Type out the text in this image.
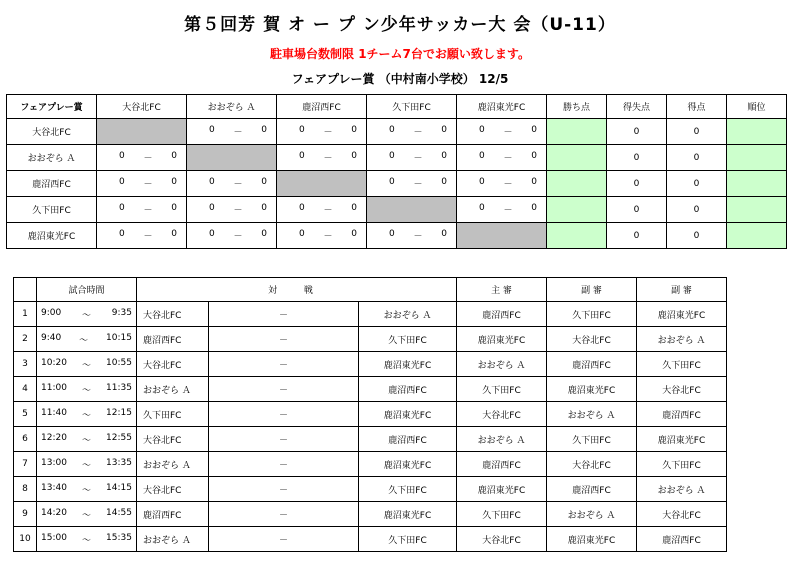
第５回芳 賀 オ ー プ ン少年サッカー大 会（U-11）
駐車場台数制限 1チーム7台でお願い致します。
フェアプレー賞 （中村南小学校） 12/5
フェアプレー賞	大谷北FC	おおぞら Ａ	鹿沼西FC	久下田FC	鹿沼東光FC	勝ち点	得失点	得点	順位
大谷北FC		0 － 0	0 － 0	0 － 0	0 － 0		0	0	
おおぞら Ａ	0 － 0		0 － 0	0 － 0	0 － 0		0	0	
鹿沼西FC	0 － 0	0 － 0		0 － 0	0 － 0		0	0	
久下田FC	0 － 0	0 － 0	0 － 0		0 － 0		0	0	
鹿沼東光FC	0 － 0	0 － 0	0 － 0	0 － 0			0	0	
	試合時間	対 戦			主 審	副 審	副 審
1	9:00 ～ 9:35	大谷北FC	－	おおぞら Ａ	鹿沼西FC	久下田FC	鹿沼東光FC
2	9:40 ～ 10:15	鹿沼西FC	－	久下田FC	鹿沼東光FC	大谷北FC	おおぞら Ａ
3	10:20 ～ 10:55	大谷北FC	－	鹿沼東光FC	おおぞら Ａ	鹿沼西FC	久下田FC
4	11:00 ～ 11:35	おおぞら Ａ	－	鹿沼西FC	久下田FC	鹿沼東光FC	大谷北FC
5	11:40 ～ 12:15	久下田FC	－	鹿沼東光FC	大谷北FC	おおぞら Ａ	鹿沼西FC
6	12:20 ～ 12:55	大谷北FC	－	鹿沼西FC	おおぞら Ａ	久下田FC	鹿沼東光FC
7	13:00 ～ 13:35	おおぞら Ａ	－	鹿沼東光FC	鹿沼西FC	大谷北FC	久下田FC
8	13:40 ～ 14:15	大谷北FC	－	久下田FC	鹿沼東光FC	鹿沼西FC	おおぞら Ａ
9	14:20 ～ 14:55	鹿沼西FC	－	鹿沼東光FC	久下田FC	おおぞら Ａ	大谷北FC
10	15:00 ～ 15:35	おおぞら Ａ	－	久下田FC	大谷北FC	鹿沼東光FC	鹿沼西FC
